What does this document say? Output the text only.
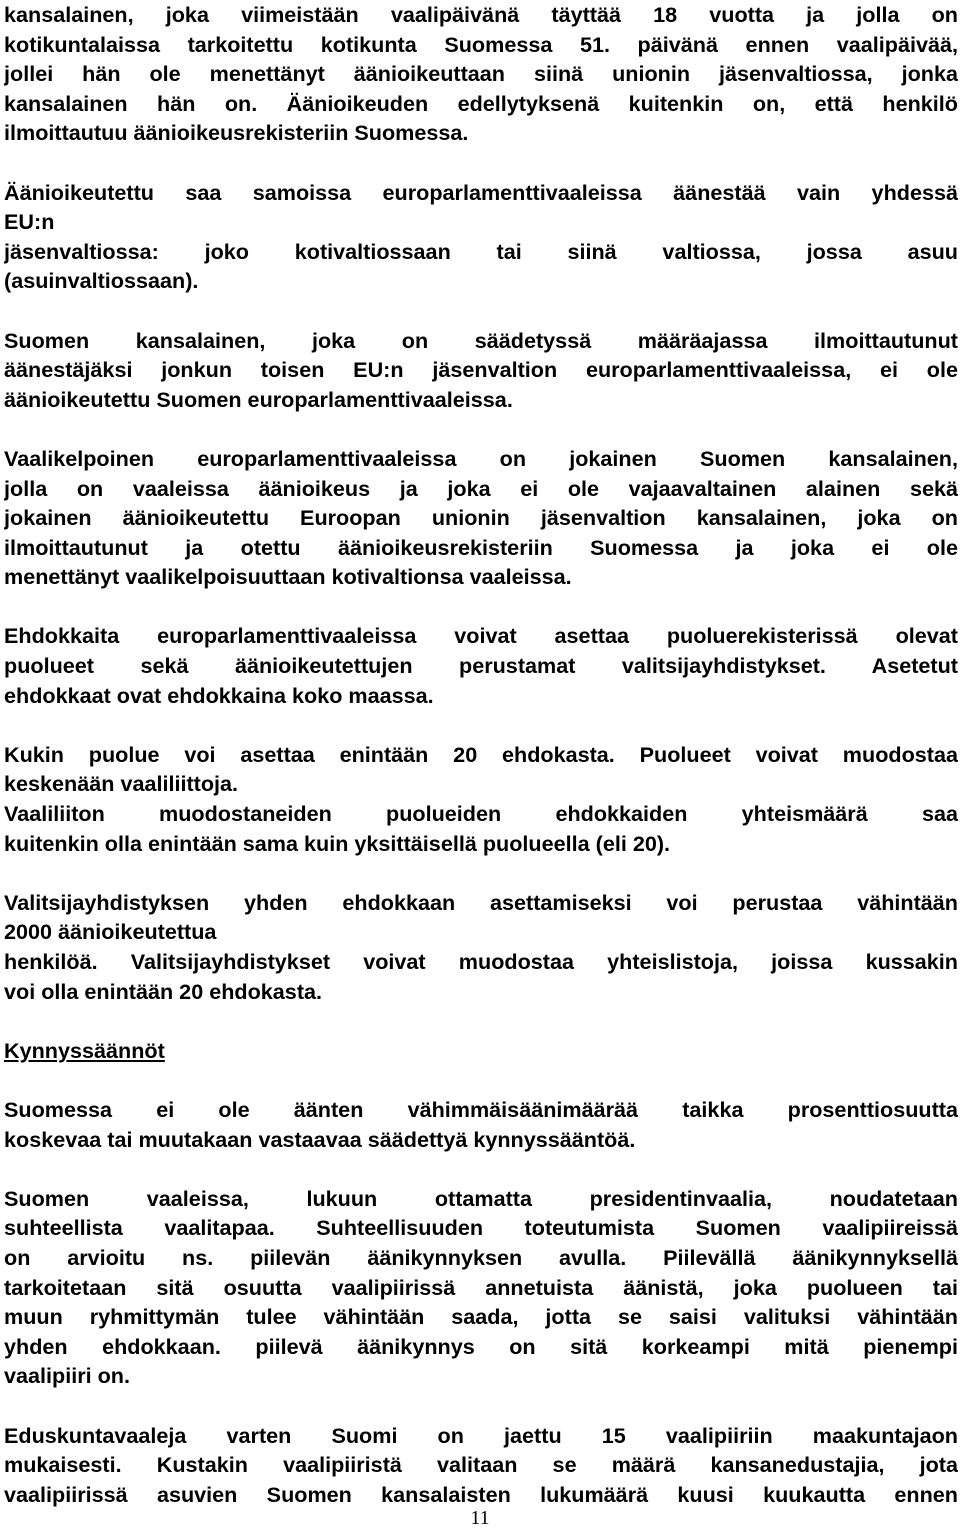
kansalainen, joka viimeistään vaalipäivänä täyttää 18 vuotta ja jolla on
kotikuntalaissa tarkoitettu kotikunta Suomessa 51. päivänä ennen vaalipäivää,
jollei hän ole menettänyt äänioikeuttaan siinä unionin jäsenvaltiossa, jonka
kansalainen hän on. Äänioikeuden edellytyksenä kuitenkin on, että henkilö
ilmoittautuu äänioikeusrekisteriin Suomessa.
Äänioikeutettu saa samoissa europarlamenttivaaleissa äänestää vain yhdessä
EU:n
jäsenvaltiossa: joko kotivaltiossaan tai siinä valtiossa, jossa asuu
(asuinvaltiossaan).
Suomen kansalainen, joka on säädetyssä määräajassa ilmoittautunut
äänestäjäksi jonkun toisen EU:n jäsenvaltion europarlamenttivaaleissa, ei ole
äänioikeutettu Suomen europarlamenttivaaleissa.
Vaalikelpoinen europarlamenttivaaleissa on jokainen Suomen kansalainen,
jolla on vaaleissa äänioikeus ja joka ei ole vajaavaltainen alainen sekä
jokainen äänioikeutettu Euroopan unionin jäsenvaltion kansalainen, joka on
ilmoittautunut ja otettu äänioikeusrekisteriin Suomessa ja joka ei ole
menettänyt vaalikelpoisuuttaan kotivaltionsa vaaleissa.
Ehdokkaita europarlamenttivaaleissa voivat asettaa puoluerekisterissä olevat
puolueet sekä äänioikeutettujen perustamat valitsijayhdistykset. Asetetut
ehdokkaat ovat ehdokkaina koko maassa.
Kukin puolue voi asettaa enintään 20 ehdokasta. Puolueet voivat muodostaa
keskenään vaaliliittoja.
Vaaliliiton muodostaneiden puolueiden ehdokkaiden yhteismäärä saa
kuitenkin olla enintään sama kuin yksittäisellä puolueella (eli 20).
Valitsijayhdistyksen yhden ehdokkaan asettamiseksi voi perustaa vähintään
2000 äänioikeutettua
henkilöä. Valitsijayhdistykset voivat muodostaa yhteislistoja, joissa kussakin
voi olla enintään 20 ehdokasta.
Kynnyssäännöt
Suomessa ei ole äänten vähimmäisäänimäärää taikka prosenttiosuutta
koskevaa tai muutakaan vastaavaa säädettyä kynnyssääntöä.
Suomen vaaleissa, lukuun ottamatta presidentinvaalia, noudatetaan
suhteellista vaalitapaa. Suhteellisuuden toteutumista Suomen vaalipiireissä
on arvioitu ns. piilevän äänikynnyksen avulla. Piilevällä äänikynnyksellä
tarkoitetaan sitä osuutta vaalipiirissä annetuista äänistä, joka puolueen tai
muun ryhmittymän tulee vähintään saada, jotta se saisi valituksi vähintään
yhden ehdokkaan. piilevä äänikynnys on sitä korkeampi mitä pienempi
vaalipiiri on.
Eduskuntavaaleja varten Suomi on jaettu 15 vaalipiiriin maakuntajaon
mukaisesti. Kustakin vaalipiiristä valitaan se määrä kansanedustajia, jota
vaalipiirissä asuvien Suomen kansalaisten lukumäärä kuusi kuukautta ennen
11
